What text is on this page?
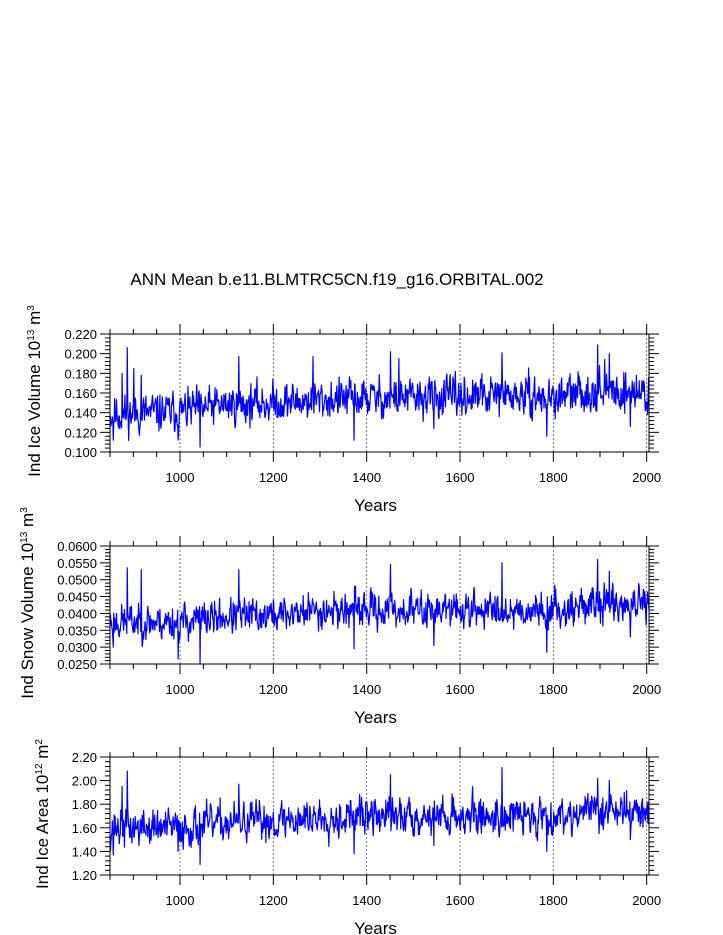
ANN Mean b.e11.BLMTRC5CN.f19_g16.ORBITAL.002
1000	1200	1400	1600	1800	2000
0.100
0.120
0.140
0.160
0.180
0.200
0.220
Years
Ind Ice Volume 1013 m3
1000	1200	1400	1600	1800	2000
0.0250
0.0300
0.0350
0.0400
0.0450
0.0500
0.0550
0.0600
Years
Ind Snow Volume 1013 m3
1000	1200	1400	1600	1800	2000
1.20
1.40
1.60
1.80
2.00
2.20
Years
Ind Ice Area 1012 m2
